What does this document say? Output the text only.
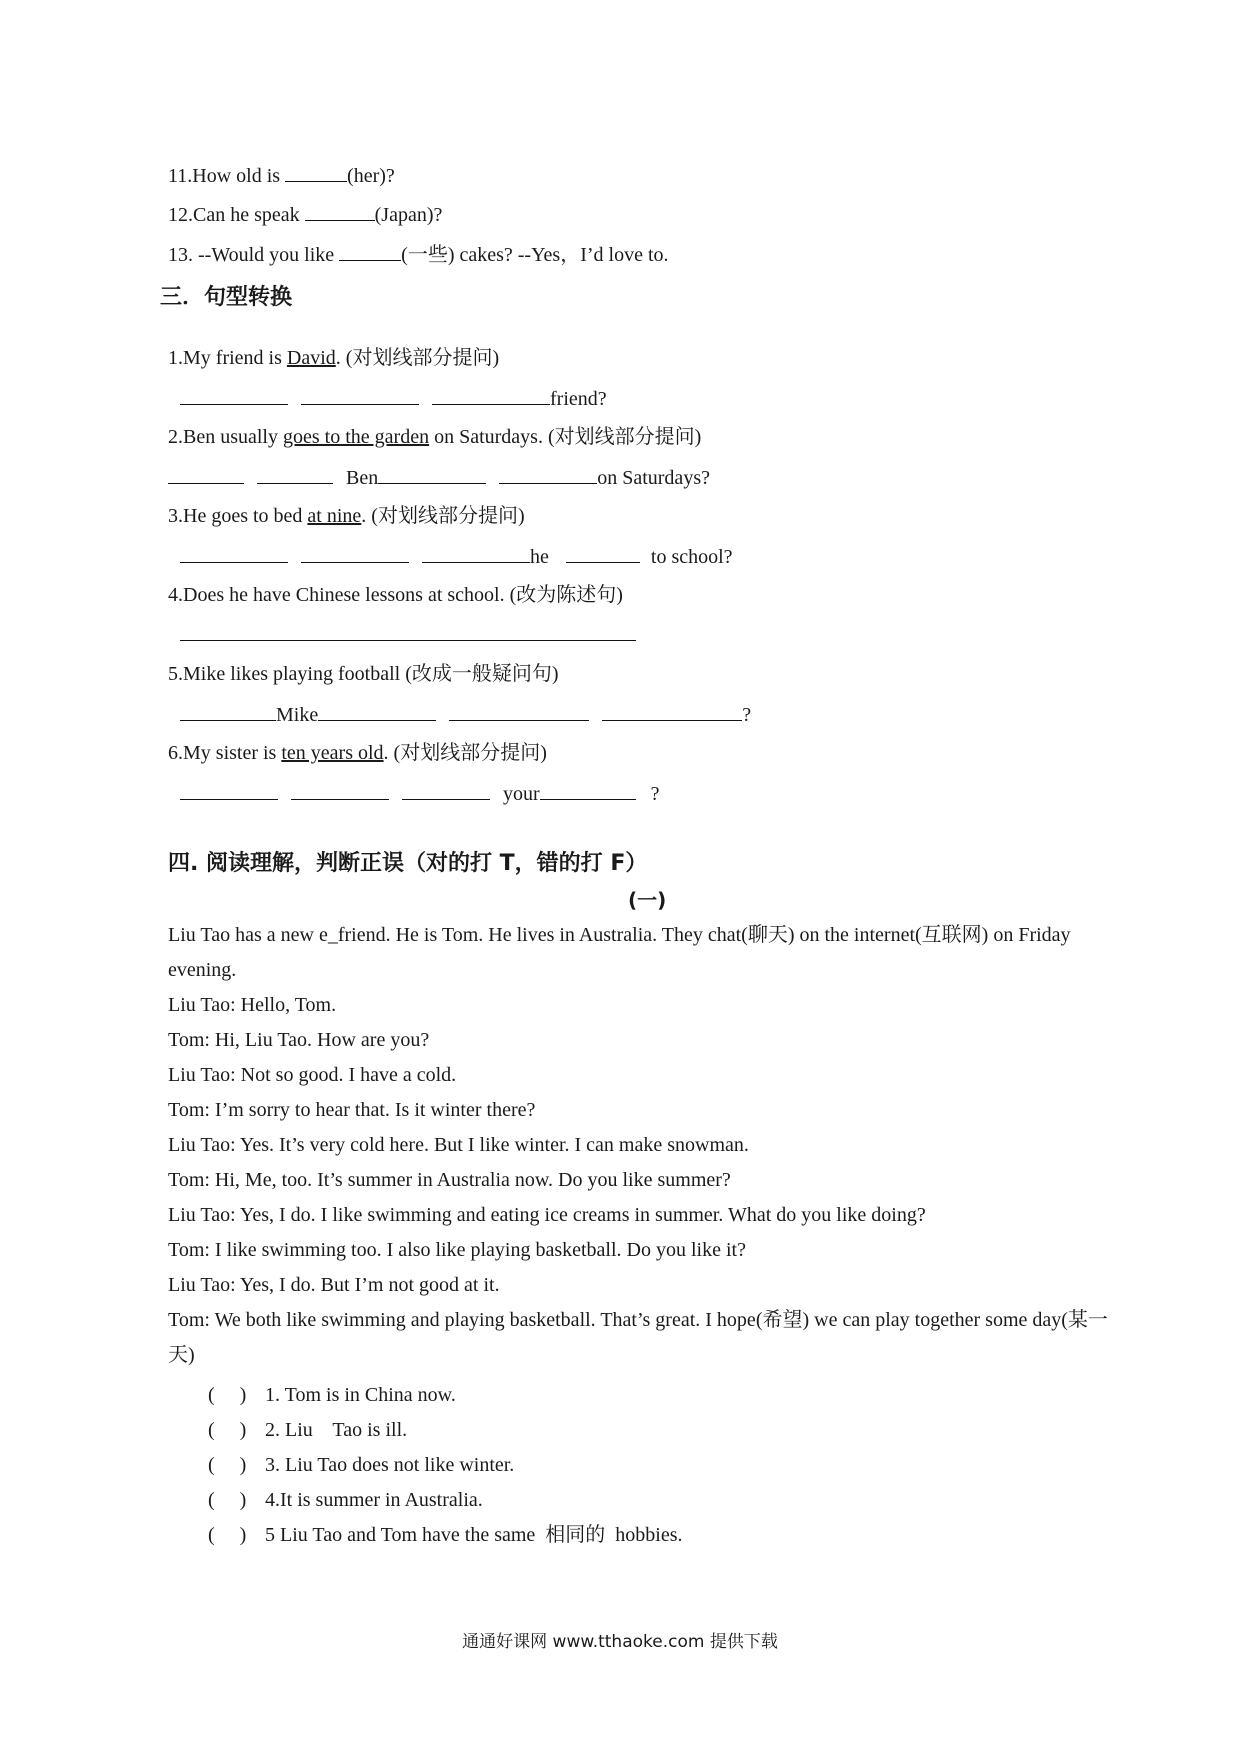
11.How old is	(her)?
12.Can he speak	(Japan)?
13. --Would you like	(一些) cakes? --Yes，I’d love to.
三．句型转换
1.My friend is David. (对划线部分提问)
friend?
2.Ben usually goes to the garden on Saturdays. (对划线部分提问)
Ben	on Saturdays?
3.He goes to bed at nine. (对划线部分提问)
he	to school?
4.Does he have Chinese lessons at school. (改为陈述句)
5.Mike likes playing football (改成一般疑问句)
Mike	?
6.My sister is ten years old. (对划线部分提问)
your	?
四. 阅读理解，判断正误（对的打 T，错的打 F）
(一)

Liu Tao has a new e_friend. He is Tom. He lives in Australia. They chat(聊天) on the internet(互联网) on Friday evening.

Liu Tao: Hello, Tom.

Tom: Hi, Liu Tao. How are you?

Liu Tao: Not so good. I have a cold.

Tom: I’m sorry to hear that. Is it winter there?

Liu Tao: Yes. It’s very cold here. But I like winter. I can make snowman.

Tom: Hi, Me, too. It’s summer in Australia now. Do you like summer?

Liu Tao: Yes, I do. I like swimming and eating ice creams in summer. What do you like doing?

Tom: I like swimming too. I also like playing basketball. Do you like it?

Liu Tao: Yes, I do. But I’m not good at it.

Tom: We both like swimming and playing basketball. That’s great. I hope(希望) we can play together some day(某一天)

( ) 1. Tom is in China now.
( ) 2. Liu    Tao is ill.
( ) 3. Liu Tao does not like winter.
( ) 4.It is summer in Australia.
( ) 5 Liu Tao and Tom have the same  相同的  hobbies.
通通好课网 www.tthaoke.com 提供下载
